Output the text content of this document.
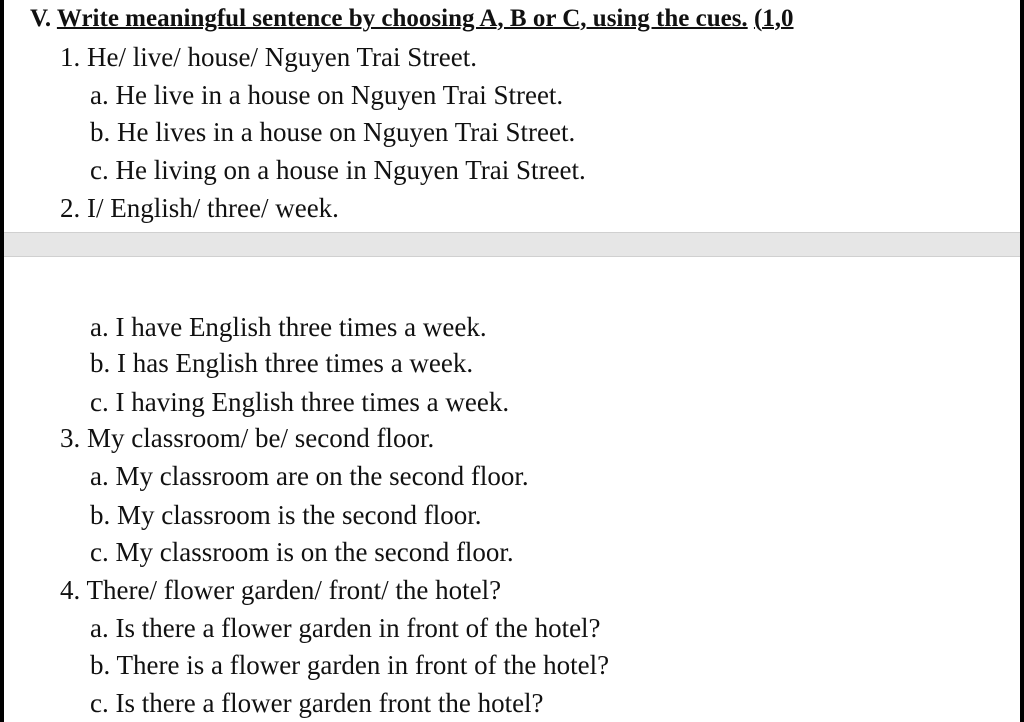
V. Write meaningful sentence by choosing A, B or C, using the cues. (1,0
1. He/ live/ house/ Nguyen Trai Street.
a. He live in a house on Nguyen Trai Street.
b. He lives in a house on Nguyen Trai Street.
c. He living on a house in Nguyen Trai Street.
2. I/ English/ three/ week.
a. I have English three times a week.
b. I has English three times a week.
c. I having English three times a week.
3. My classroom/ be/ second floor.
a. My classroom are on the second floor.
b. My classroom is the second floor.
c. My classroom is on the second floor.
4. There/ flower garden/ front/ the hotel?
a. Is there a flower garden in front of the hotel?
b. There is a flower garden in front of the hotel?
c. Is there a flower garden front the hotel?
